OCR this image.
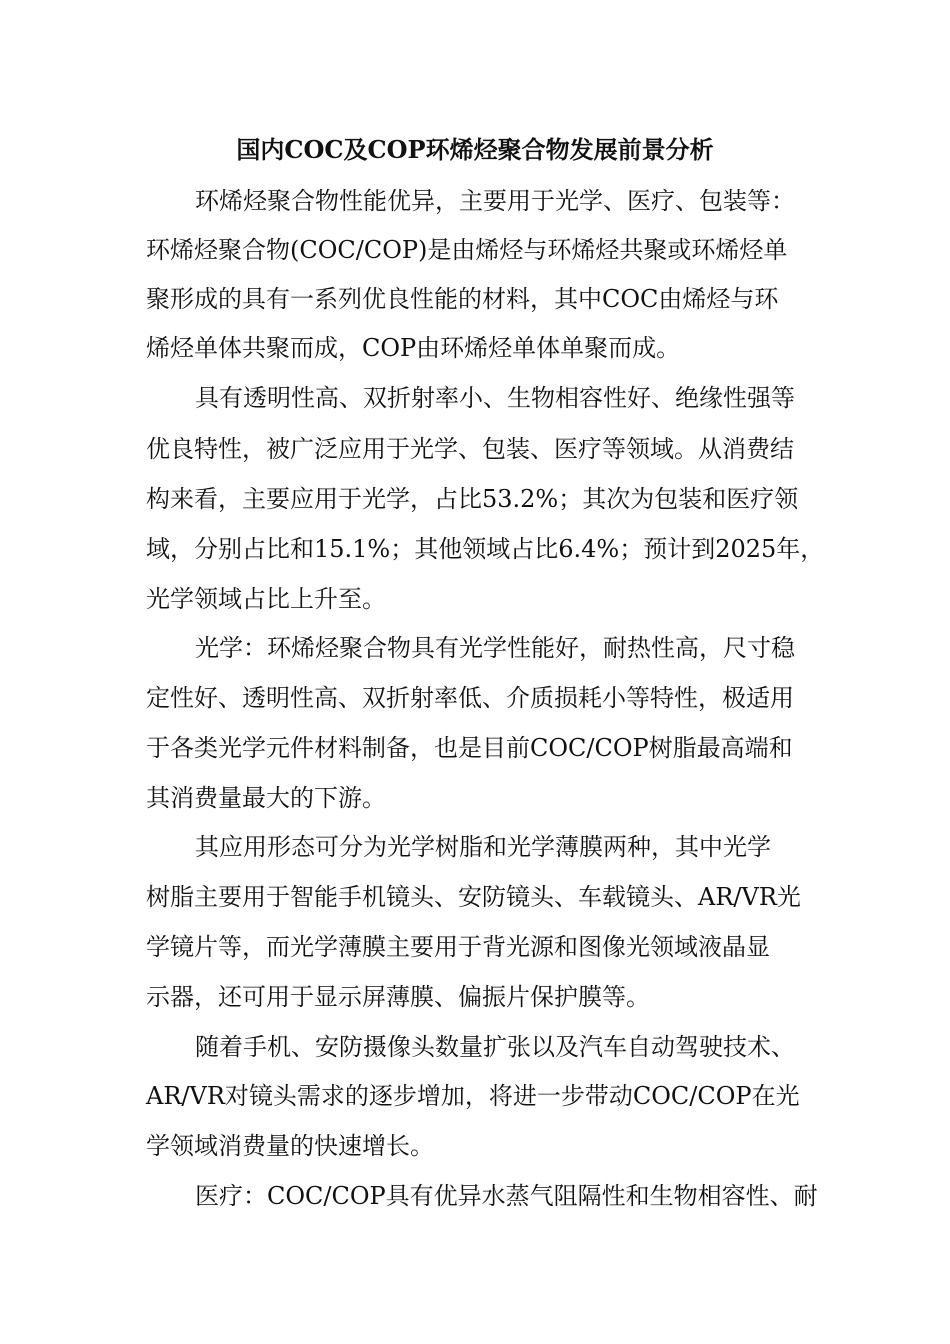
国内COC及COP环烯烃聚合物发展前景分析
环烯烃聚合物性能优异，主要用于光学、医疗、包装等：
环烯烃聚合物(COC/COP)是由烯烃与环烯烃共聚或环烯烃单
聚形成的具有一系列优良性能的材料，其中COC由烯烃与环
烯烃单体共聚而成，COP由环烯烃单体单聚而成。
具有透明性高、双折射率小、生物相容性好、绝缘性强等
优良特性，被广泛应用于光学、包装、医疗等领域。从消费结
构来看，主要应用于光学，占比53.2%；其次为包装和医疗领
域，分别占比和15.1%；其他领域占比6.4%；预计到2025年，
光学领域占比上升至。
光学：环烯烃聚合物具有光学性能好，耐热性高，尺寸稳
定性好、透明性高、双折射率低、介质损耗小等特性，极适用
于各类光学元件材料制备，也是目前COC/COP树脂最高端和
其消费量最大的下游。
其应用形态可分为光学树脂和光学薄膜两种，其中光学
树脂主要用于智能手机镜头、安防镜头、车载镜头、AR/VR光
学镜片等，而光学薄膜主要用于背光源和图像光领域液晶显
示器，还可用于显示屏薄膜、偏振片保护膜等。
随着手机、安防摄像头数量扩张以及汽车自动驾驶技术、
AR/VR对镜头需求的逐步增加，将进一步带动COC/COP在光
学领域消费量的快速增长。
医疗：COC/COP具有优异水蒸气阻隔性和生物相容性、耐
